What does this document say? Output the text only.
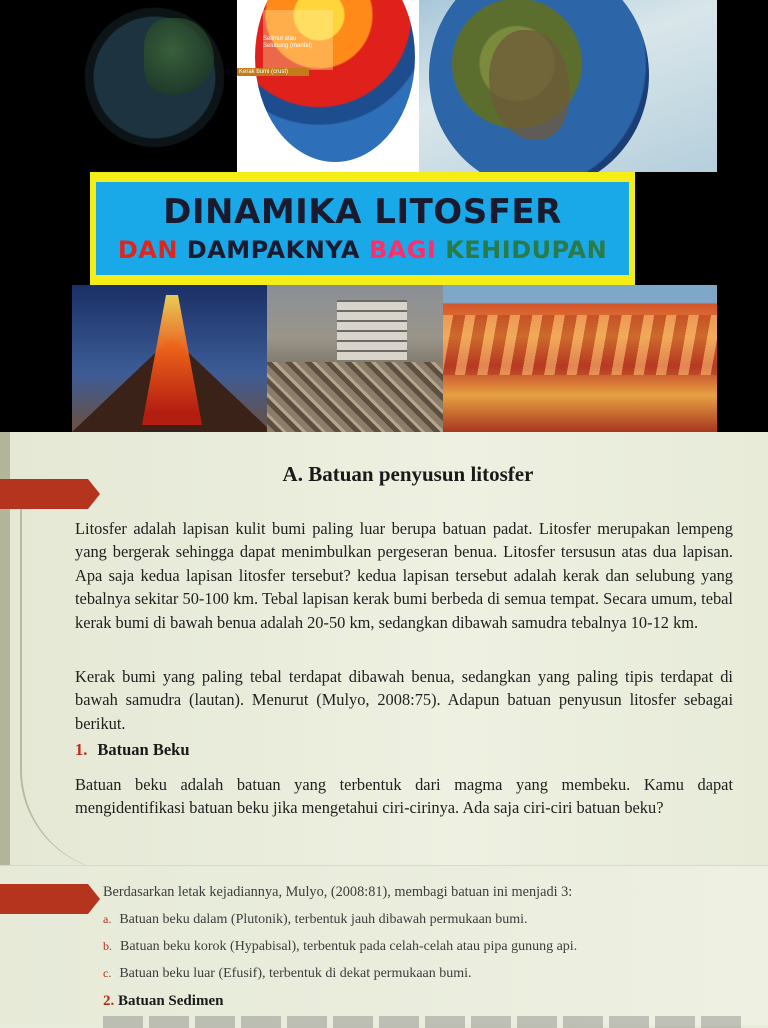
Selimut atau Selubung (mantel)
Kerak bumi (crust)
DINAMIKA LITOSFER
DAN DAMPAKNYA BAGI KEHIDUPAN
A. Batuan penyusun litosfer

Litosfer adalah lapisan kulit bumi paling luar berupa batuan padat. Litosfer merupakan lempeng yang bergerak sehingga dapat menimbulkan pergeseran benua. Litosfer tersusun atas dua lapisan. Apa saja kedua lapisan litosfer tersebut? kedua lapisan tersebut adalah kerak dan selubung yang tebalnya sekitar 50-100 km. Tebal lapisan kerak bumi berbeda di semua tempat. Secara umum, tebal kerak bumi di bawah benua adalah 20-50 km, sedangkan dibawah samudra tebalnya 10-12 km.

Kerak bumi yang paling tebal terdapat dibawah benua, sedangkan yang paling tipis terdapat di bawah samudra (lautan). Menurut (Mulyo, 2008:75). Adapun batuan penyusun litosfer sebagai berikut.

1. Batuan Beku

Batuan beku adalah batuan yang terbentuk dari magma yang membeku. Kamu dapat mengidentifikasi batuan beku jika mengetahui ciri-cirinya. Ada saja ciri-ciri batuan beku?

Berdasarkan letak kejadiannya, Mulyo, (2008:81), membagi batuan ini menjadi 3:
a. Batuan beku dalam (Plutonik), terbentuk jauh dibawah permukaan bumi.
b. Batuan beku korok (Hypabisal), terbentuk pada celah-celah atau pipa gunung api.
c. Batuan beku luar (Efusif), terbentuk di dekat permukaan bumi.
2. Batuan Sedimen
